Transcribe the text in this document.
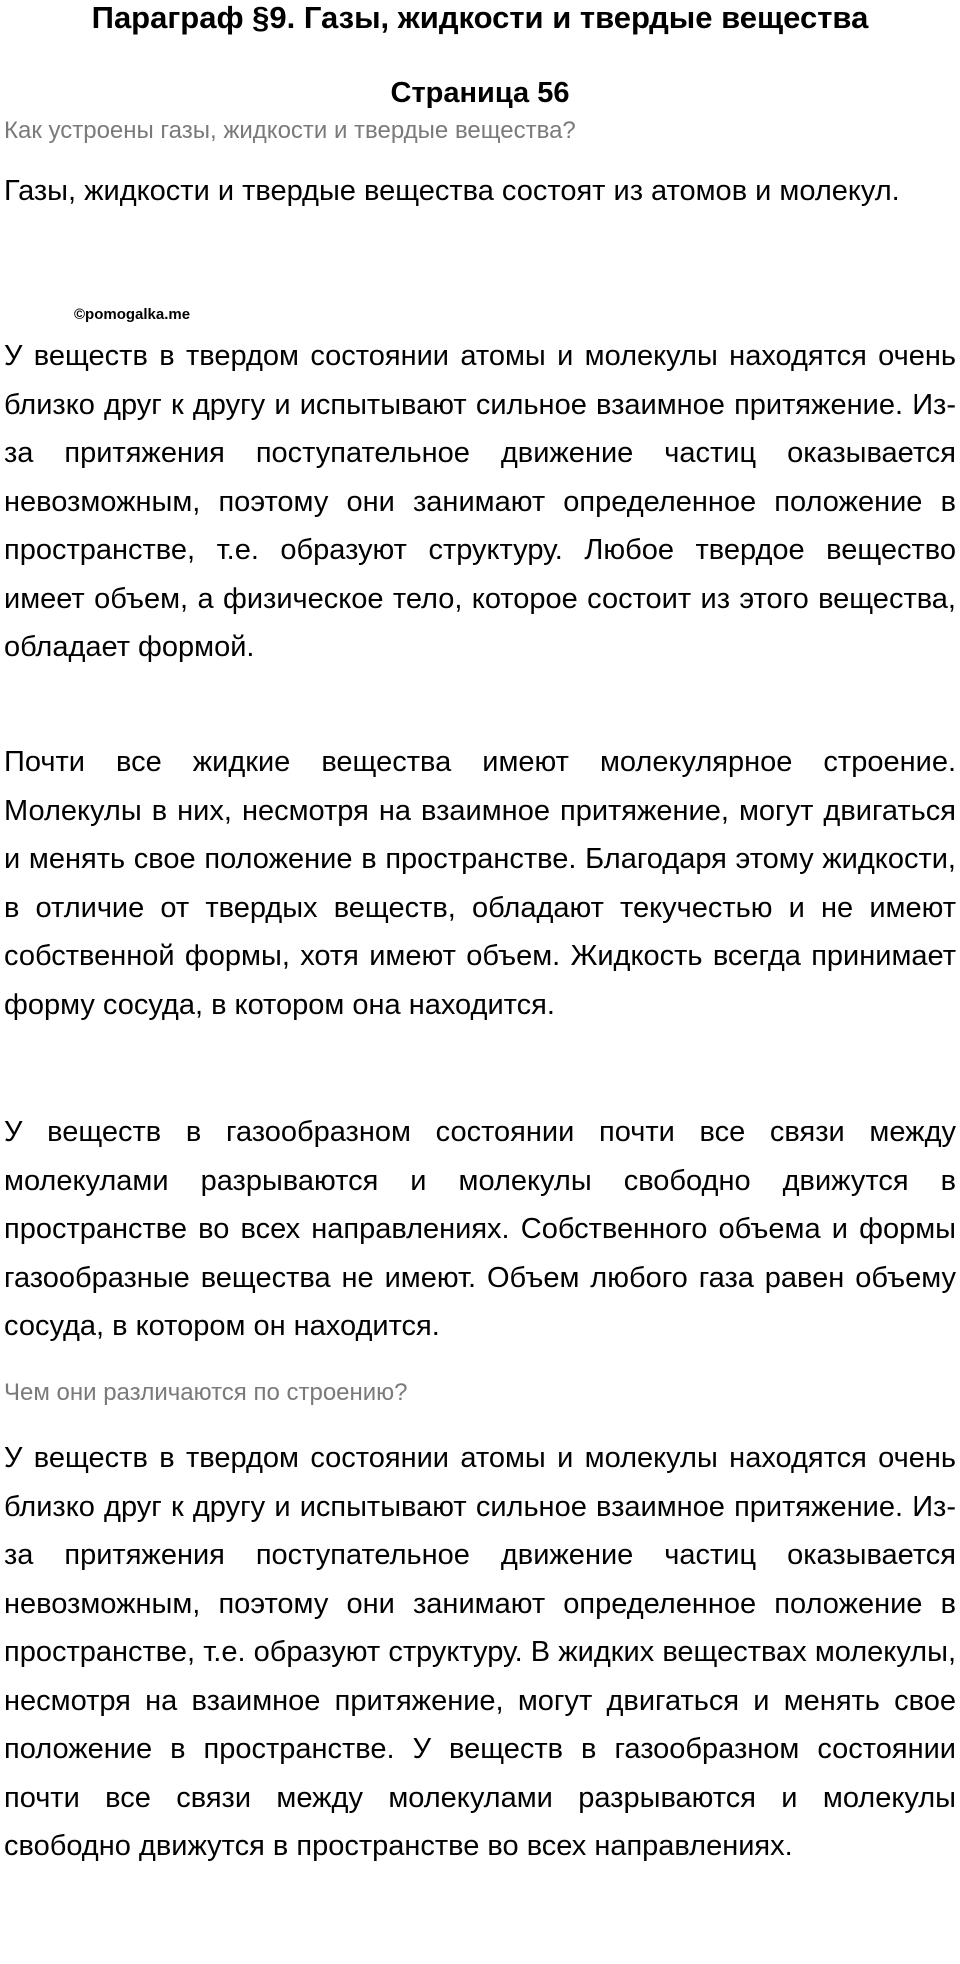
Параграф §9. Газы, жидкости и твердые вещества
Страница 56

Как устроены газы, жидкости и твердые вещества?

Газы, жидкости и твердые вещества состоят из атомов и молекул.

©pomogalka.me

У веществ в твердом состоянии атомы и молекулы находятся очень близко друг к другу и испытывают сильное взаимное притяжение. Из-за притяжения поступательное движение частиц оказывается невозможным, поэтому они занимают определенное положение в пространстве, т.е. образуют структуру. Любое твердое вещество имеет объем, а физическое тело, которое состоит из этого вещества, обладает формой.

Почти все жидкие вещества имеют молекулярное строение. Молекулы в них, несмотря на взаимное притяжение, могут двигаться и менять свое положение в пространстве. Благодаря этому жидкости, в отличие от твердых веществ, обладают текучестью и не имеют собственной формы, хотя имеют объем. Жидкость всегда принимает форму сосуда, в котором она находится.

У веществ в газообразном состоянии почти все связи между молекулами разрываются и молекулы свободно движутся в пространстве во всех направлениях. Собственного объема и формы газообразные вещества не имеют. Объем любого газа равен объему сосуда, в котором он находится.

Чем они различаются по строению?

У веществ в твердом состоянии атомы и молекулы находятся очень близко друг к другу и испытывают сильное взаимное притяжение. Из-за притяжения поступательное движение частиц оказывается невозможным, поэтому они занимают определенное положение в пространстве, т.е. образуют структуру. В жидких веществах молекулы, несмотря на взаимное притяжение, могут двигаться и менять свое положение в пространстве. У веществ в газообразном состоянии почти все связи между молекулами разрываются и молекулы свободно движутся в пространстве во всех направлениях.
